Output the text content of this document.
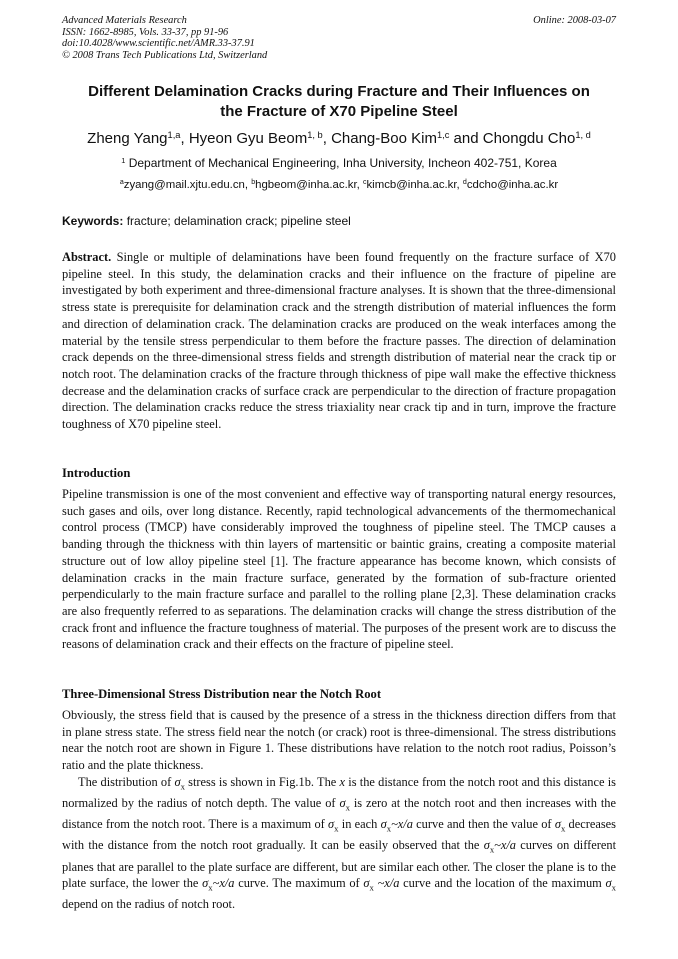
Advanced Materials Research
ISSN: 1662-8985, Vols. 33-37, pp 91-96
doi:10.4028/www.scientific.net/AMR.33-37.91
© 2008 Trans Tech Publications Ltd, Switzerland
Online: 2008-03-07
Different Delamination Cracks during Fracture and Their Influences on
the Fracture of X70 Pipeline Steel
Zheng Yang$^{1,a}$, Hyeon Gyu Beom$^{1, b}$, Chang-Boo Kim$^{1,c}$ and Chongdu Cho$^{1, d}$
$^1$ Department of Mechanical Engineering, Inha University, Incheon 402-751, Korea
$^a$zyang@mail.xjtu.edu.cn, $^b$hgbeom@inha.ac.kr, $^c$kimcb@inha.ac.kr, $^d$cdcho@inha.ac.kr
Keywords: fracture; delamination crack; pipeline steel

Abstract. Single or multiple of delaminations have been found frequently on the fracture surface of X70 pipeline steel. In this study, the delamination cracks and their influence on the fracture of pipeline are investigated by both experiment and three-dimensional fracture analyses. It is shown that the three-dimensional stress state is prerequisite for delamination crack and the strength distribution of material influences the form and direction of delamination crack. The delamination cracks are produced on the weak interfaces among the material by the tensile stress perpendicular to them before the fracture passes. The direction of delamination crack depends on the three-dimensional stress fields and strength distribution of material near the crack tip or notch root. The delamination cracks of the fracture through thickness of pipe wall make the effective thickness decrease and the delamination cracks of surface crack are perpendicular to the direction of fracture propagation direction. The delamination cracks reduce the stress triaxiality near crack tip and in turn, improve the fracture toughness of X70 pipeline steel.

Introduction

Pipeline transmission is one of the most convenient and effective way of transporting natural energy resources, such gases and oils, over long distance. Recently, rapid technological advancements of the thermomechanical control process (TMCP) have considerably improved the toughness of pipeline steel. The TMCP causes a banding through the thickness with thin layers of martensitic or baintic grains, creating a composite material structure out of low alloy pipeline steel [1]. The fracture appearance has become known, which consists of delamination cracks in the main fracture surface, generated by the formation of sub-fracture oriented perpendicularly to the main fracture surface and parallel to the rolling plane [2,3]. These delamination cracks are also frequently referred to as separations. The delamination cracks will change the stress distribution of the crack front and influence the fracture toughness of material. The purposes of the present work are to discuss the reasons of delamination crack and their effects on the fracture of pipeline steel.

Three-Dimensional Stress Distribution near the Notch Root

Obviously, the stress field that is caused by the presence of a stress in the thickness direction differs from that in plane stress state. The stress field near the notch (or crack) root is three-dimensional. The stress distributions near the notch root are shown in Figure 1. These distributions have relation to the notch root radius, Poisson’s ratio and the plate thickness.

The distribution of $\sigma_x$ stress is shown in Fig.1b. The x is the distance from the notch root and this distance is normalized by the radius of notch depth. The value of $\sigma_x$ is zero at the notch root and then increases with the distance from the notch root. There is a maximum of $\sigma_x$ in each $\sigma_x\sim x/a$ curve and then the value of $\sigma_x$ decreases with the distance from the notch root gradually. It can be easily observed that the $\sigma_x\sim x/a$ curves on different planes that are parallel to the plate surface are different, but are similar each other. The closer the plane is to the plate surface, the lower the $\sigma_x\sim x/a$ curve. The maximum of $\sigma_x$ ~x/a curve and the location of the maximum $\sigma_x$ depend on the radius of notch root.
